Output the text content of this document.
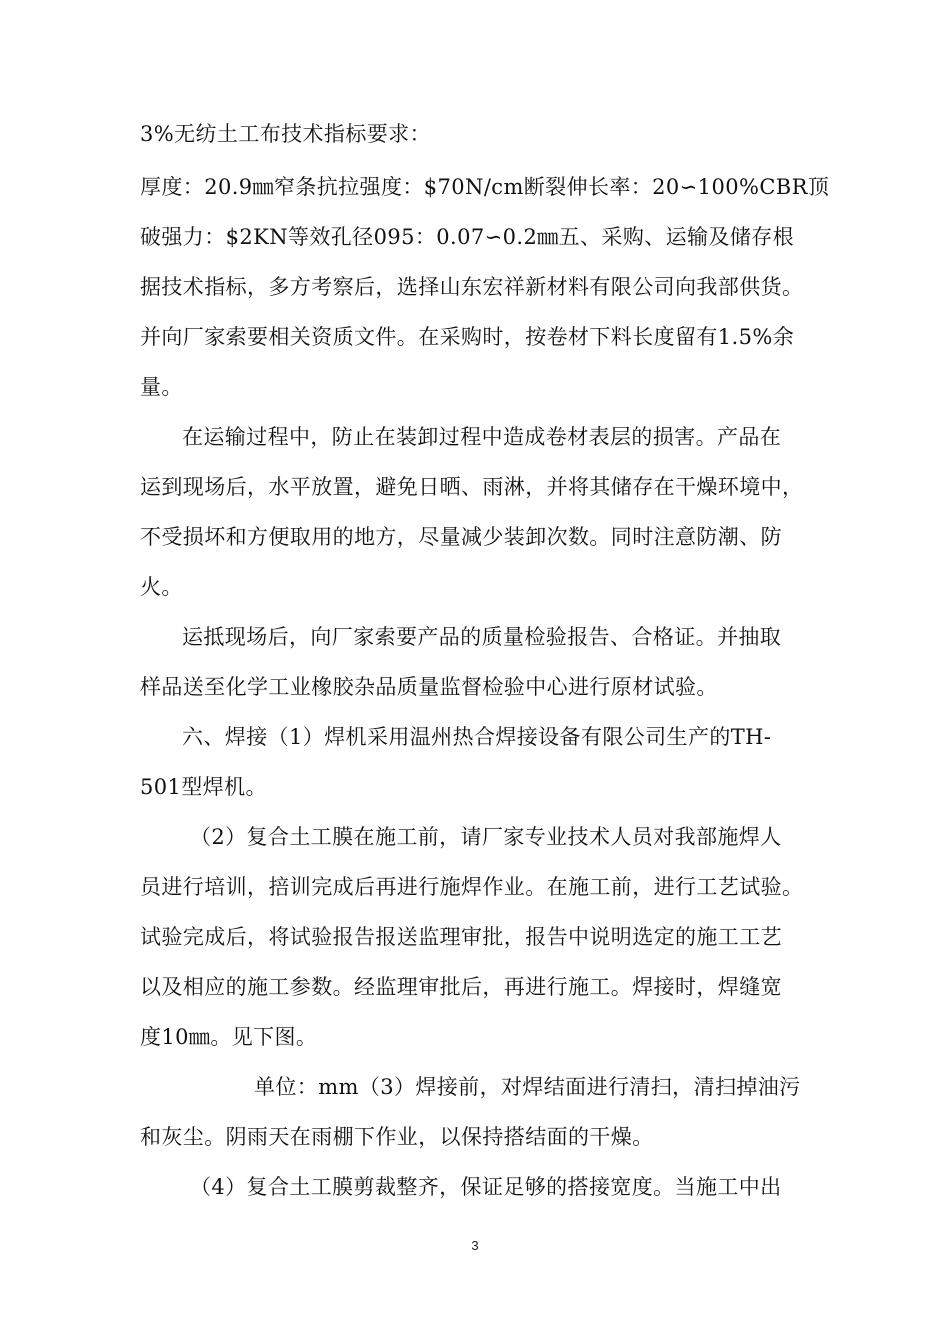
3%无纺土工布技术指标要求：
厚度：20.9㎜窄条抗拉强度：$70N/cm断裂伸长率：20∽100%CBR顶
破强力：$2KN等效孔径095：0.07∽0.2㎜五、采购、运输及储存根
据技术指标，多方考察后，选择山东宏祥新材料有限公司向我部供货。
并向厂家索要相关资质文件。在采购时，按卷材下料长度留有1.5%余
量。
在运输过程中，防止在装卸过程中造成卷材表层的损害。产品在
运到现场后，水平放置，避免日晒、雨淋，并将其储存在干燥环境中，
不受损坏和方便取用的地方，尽量减少装卸次数。同时注意防潮、防
火。
运抵现场后，向厂家索要产品的质量检验报告、合格证。并抽取
样品送至化学工业橡胶杂品质量监督检验中心进行原材试验。
六、焊接（1）焊机采用温州热合焊接设备有限公司生产的TH-
501型焊机。
（2）复合土工膜在施工前，请厂家专业技术人员对我部施焊人
员进行培训，掊训完成后再进行施焊作业。在施工前，进行工艺试验。
试验完成后，将试验报告报送监理审批，报告中说明选定的施工工艺
以及相应的施工参数。经监理审批后，再进行施工。焊接时，焊缝宽
度10㎜。见下图。
单位：mm（3）焊接前，对焊结面进行清扫，清扫掉油污
和灰尘。阴雨天在雨棚下作业，以保持搭结面的干燥。
（4）复合土工膜剪裁整齐，保证足够的搭接宽度。当施工中出
3
